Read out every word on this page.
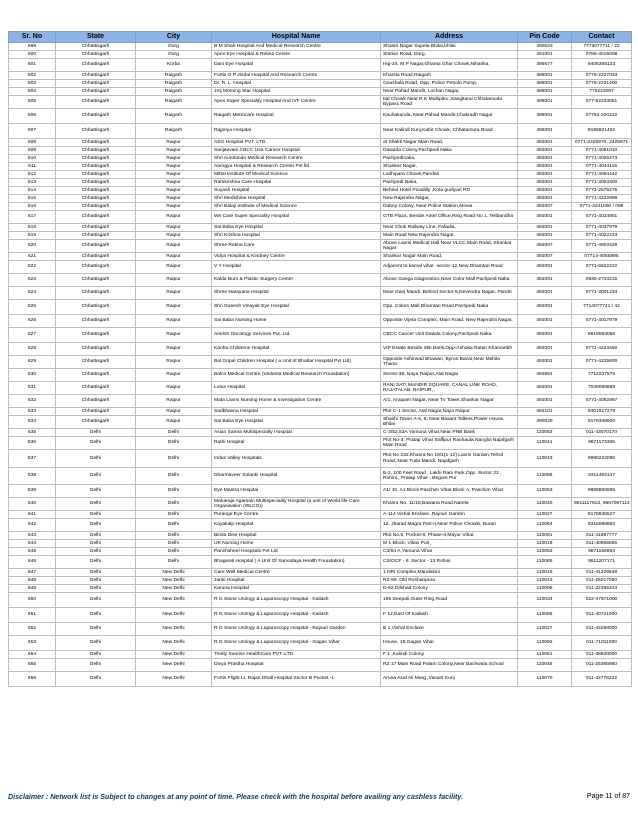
Sr. No	State	City	Hospital Name	Address	Pin Code	Contact
599	Chhattisgarh	Durg	B M Shah Hospital And Medical Research Centre	Shastri Nagar Supela Bhilai,bhilai	490023	7773077711 / 22
600	Chhattisgarh	Durg	Apex Eye Hospital & Retina Centre	Station Road, Durg,	491001	0788-4015008
601	Chhattisgarh	Korba	Dani Eye Hospital	Hig-24, M P Nagar,Ghanta Ghar Chowk,Niharika,	495677	9406355123
602	Chhattisgarh	Raigarh	Fortis O P Jindal Hospital And Research Centre	Kharsia Road,Raigarh	496001	0776-2227033
603	Chhattisgarh	Raigarh	Dr. R. L. Hospital	Goushala Road, Opp. Police Petrole Pump,	496001	0776-2231400
604	Chhattisgarh	Raigarh	Jmj Morning Star Hospital	Near Pahad Mandir, Lochan Nagar,	496001	776223097
605	Chhattisgarh	Raigarh	Apex Super Speciality Hospital And IVF Centre	Ital Chowk Near R K Multiplex ,Sangitarai Chhatamuda Bypass Road	496001	077-62233051
606	Chhattisgarh	Raigarh	Raigarh Metrocare Hospital	Kauhakunda, Near Pahad Mandir,Chakradh Nagar	496001	07762-220222
607	Chhattisgarh	Raigarh	Rajpriya Hospital	Near Kalindi Kunj,Kabir Chowk, Chhatamura Road	496001	9155821402
608	Chhattisgarh	Raipur	ASG Hospital PVT. LTD.	at Shakti Nagar Main Road,	492001	0771-2425970, 2425971
609	Chhattisgarh	Raipur	Sanjeevani CBCC Usa Cancer Hospital	Dawada Colony,Pachpedi Naka	492001	0771-4061010
610	Chhattisgarh	Raipur	Shri Aurobindo Medical Research Centre	Pachpedinaka,	492001	0771-4026473
611	Chhattisgarh	Raipur	Aarogya Hospital & Research Center Pvt ltd	Shankar Nagar,	492001	0771-4044115
612	Chhattisgarh	Raipur	Mittal Institute Of Medical Science	Lodhipara Chowk,Pandari	492001	0771-4094442
613	Chhattisgarh	Raipur	Ramkrishna Care Hospital	Pachpedi Naka,	492001	0771-3003300
614	Chhattisgarh	Raipur	Suyash Hospital	Behind Hotel Picadilly ,Kota gudiyari RD	492001	0771-2575275
615	Chhattisgarh	Raipur	Shri Medishine Hospital	New Rajendra Nagar,	492001	0771-4222999
616	Chhattisgarh	Raipur	Shri Balaji Institute of Medical Science	Dubey Colony, Near Police Station,Mowa	492007	0771-4241000 / 099
617	Chhattisgarh	Raipur	We Care Super Speciality Hospital	GTB Plaza, Beside Airtel Office,Ring Road No 1, Telibandha	492001	0771-4024901
618	Chhattisgarh	Raipur	Sai Baba Eye Hospital	Near Choti Railway Line, Fafadia,	492001	0771-4037979
619	Chhattisgarh	Raipur	Shri Krishna Hospital	Main Road New Rajendra Nagar,	492001	0771-4022233
620	Chhattisgarh	Raipur	Shree Retina Care	Above Laxmi Medical Hall Near VLCC,Main Road, Shankar Nagar	492007	0771-4903429
621	Chhattisgarh	Raipur	Vidya Hospital & Kindney Centre	Shankar Nagar Main Road,	492007	07714-4055895
622	Chhattisgarh	Raipur	V Y Hospital	Adjacent to kamal vihar -sector-12,New Dhamtari Road	492001	0771-6622222
623	Chhattisgarh	Raipur	Kalda Burn & Plastic Surgery Center	Above Ganga Diagnostics,Near Color Mall Pachpedi Naka	492001	0930-2733215
624	Chhattisgarh	Raipur	Shree Narayana Hospital	Near Ganj Mandi, Behind Sector-5,Devendra Nagar, Pandri	492001	0771-3001234
625	Chhattisgarh	Raipur	Shri Ganesh Vinayak Eye Hospital	Opp. Colors Mall Dhamtari Road,Pachpedi Naka	492001	7714077741 / 42
626	Chhattisgarh	Raipur	Sai Baba Nursing Home	Opposite Vijeta Complex, Main Road, New Rajendra Nagar,	492001	0771-4017979
627	Chhattisgarh	Raipur	Amrish Oncology Services Pvt. Ltd.	CBCC Cancer Unit Dawda Colony,Pachpedi Naka	492001	8819063056
628	Chhattisgarh	Raipur	Kanha Childrens Hospital	VIP Estate Beside SBI Bank,Opp-Ashoka Ratan Khamardih	492001	0771-4223450
629	Chhattisgarh	Raipur	Bal Gopal Children Hospital ( a Unit of Bhattar Hospital Pvt Ltd)	Opposite Ashirwad Bhawan, Byron Bazar,Near Mahila Thana	492001	0771-4225600
630	Chhattisgarh	Raipur	Balco Medical Centre (Vedanta Medical Research Foundation)	Sector-36, Naya Raipur,Atal Nagar	493661	7712237575
631	Chhattisgarh	Raipur	Lotus Hospital	RANI SATI MANDIR SQUARE, CANAL LINK ROAD, RAJATALAB, RAIPUR, ,	492001	7049068889
632	Chhattisgarh	Raipur	Mata Laxmi Nursing Home & Investigation Centre	A/1, Anupam Nagar, Near Tv Tower,Shankar Nagar	492001	0771-4052967
633	Chhattisgarh	Raipur	Sadbhavna Hospital	Plot C-1 Sector, Atal Nagar,Naya Raipur	492101	9301917278
634	Chhattisgarh	Raipur	Sai Baba Eye Hospital	Shashi Tower A-5, 6, Near Basant Talkies,Power House, Bhilai	490029	9179346600
635	Delhi	Delhi	Asian Samra Multispecialty Hospital	C-3/52,53A Yamuna Vihar,Near PNB Bank	110053	011-43070170
636	Delhi	Delhi	Rathi Hospital	Plot No-3, Pratap Vihar Saffipur Ranhaula,Nangloi Najafgarh Main Road	110041	9871173355
637	Delhi	Delhi	Indus Valley Hospitals	Plot No 232,Khasra No 19/1(1-12) Laxmi Garden,Tehsil Road, Near Tuda Mandi, Najafgarh	110043	9990222090
638	Delhi	Delhi	Dharmaveer Solanki Hospital	B-2, 100 Feet Road , Lakhi Ram Park,Opp. Sector 22 , Rohini , Pratap Vihar , Begum Pur	110086	9311483147
639	Delhi	Delhi	Eye Mantra Hospital	A1/ 10, A1 Block Paschim Vihar,Block A, Paschim Vihar	110063	9899800695
640	Delhi	Delhi	Maharaja Agarsain Multispeciality Hospital (a unit of World life Care Organisation (WLCO))	Khasra No. 11/18,Bawana Road,Narela	110040	9811117913, 9667097114
641	Delhi	Delhi	Purange Eye Centre	A-114 Vishal Enclave ,Rajouri Garden	110027	8178836527
642	Delhi	Delhi	Kayakalp Hospital	12, Jharad Magra Part-II,Near Police Chowki, Burari	110084	9315088892
643	Delhi	Delhi	Bimla Devi Hospital	Plot No.5, Pocket-8, Phase-II,Mayur Vihar,	110091	011-41887777
644	Delhi	Delhi	UK Nursing Home	M 1-Block, Vikas Puri,	110018	011-40955555
645	Delhi	Delhi	Panchsheel Hospitals Pvt Ltd	C3/64 A,Yamuna Vihar	110053	9871166693
646	Delhi	Delhi	Bhagwati Hospital ( A Unit Of Sarvodaya Health Foundation)	CS/OCF - 6 ,Sector - 13 Rohini	110085	9811207171
647	Delhi	New Delhi	Care Well Medical Centre	1 NRI Complex,Mandakini	110019	011-41329548
648	Delhi	New Delhi	Janki Hospital	RZ-89 ,Old Roshanpura	110043	011-25017050
649	Delhi	New Delhi	Karuna Hospital	D-62,Dilshad Colony	110095	011-22355343
650	Delhi	New Delhi	R G Stone Urology & Laparoscopy Hospital - Kailash	195 Deepali,Outer Ring Road	110034	022-47571000
651	Delhi	New Delhi	R G Stone Urology & Laparoscopy Hospital - Kailash	F 12,East Of Kailash	110065	011-40721000
652	Delhi	New Delhi	R G Stone Urology & Laparoscopy Hospital - Rajouri Garden	B 1,Vishal Enclave	110027	011-43298000
653	Delhi	New Delhi	R G Stone Urology & Laparoscopy Hospital - Gagan Vihar	House, 18,Gagan Vihar	110092	011-71011000
654	Delhi	New Delhi	Trinity Sunrise HealthCare PVT. LTD.	F 1 ,Kalindi Colony	110061	011-48820000
655	Delhi	New Delhi	Divya Prastha Hospital	RZ 17 Main Road Palam Colony,Near Bachwala School	110045	011-25365960
656	Delhi	New Delhi	Fortis Flight Lt. Rajan Dhall Hospital Sector B Pocket -1	Aruna Asaf Ali Marg ,Vasant Kunj	110070	011-42776222
Disclaimer : Network list is Subject to changes at any point of time. Please check with the hospital before availing any cashless facility.	Page 11 of 87
